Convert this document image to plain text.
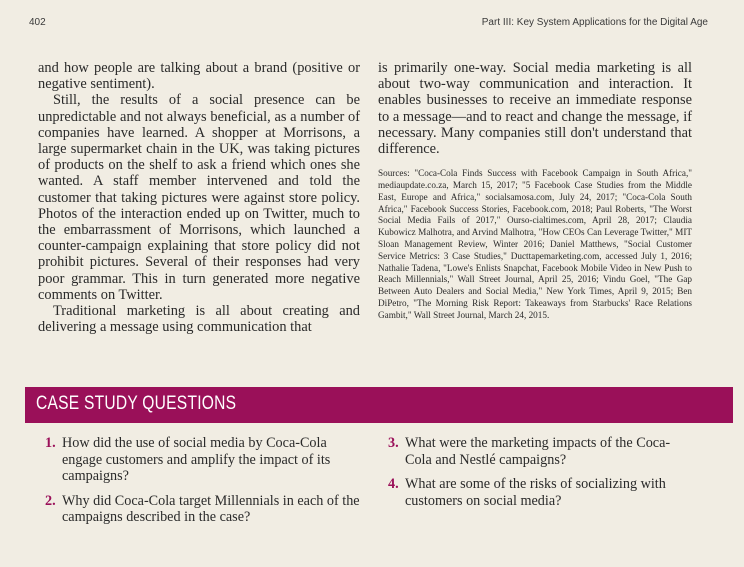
402	Part III: Key System Applications for the Digital Age

and how people are talking about a brand (positive or negative sentiment).

Still, the results of a social presence can be unpredictable and not always beneficial, as a number of companies have learned. A shopper at Morrisons, a large supermarket chain in the UK, was taking pictures of products on the shelf to ask a friend which ones she wanted. A staff member intervened and told the customer that taking pictures were against store policy. Photos of the interaction ended up on Twitter, much to the embarrassment of Morrisons, which launched a counter-campaign explaining that store policy did not prohibit pictures. Several of their responses had very poor grammar. This in turn generated more negative comments on Twitter.

Traditional marketing is all about creating and delivering a message using communication that

is primarily one-way. Social media marketing is all about two-way communication and interaction. It enables businesses to receive an immediate response to a message—and to react and change the message, if necessary. Many companies still don't understand that difference.

Sources: "Coca-Cola Finds Success with Facebook Campaign in South Africa," mediaupdate.co.za, March 15, 2017; "5 Facebook Case Studies from the Middle East, Europe and Africa," socialsamosa.com, July 24, 2017; "Coca-Cola South Africa," Facebook Success Stories, Facebook.com, 2018; Paul Roberts, "The Worst Social Media Fails of 2017," Ourso-cialtimes.com, April 28, 2017; Claudia Kubowicz Malhotra, and Arvind Malhotra, "How CEOs Can Leverage Twitter," MIT Sloan Management Review, Winter 2016; Daniel Matthews, "Social Customer Service Metrics: 3 Case Studies," Ducttapemarketing.com, accessed July 1, 2016; Nathalie Tadena, "Lowe's Enlists Snapchat, Facebook Mobile Video in New Push to Reach Millennials," Wall Street Journal, April 25, 2016; Vindu Goel, "The Gap Between Auto Dealers and Social Media," New York Times, April 9, 2015; Ben DiPetro, "The Morning Risk Report: Takeaways from Starbucks' Race Relations Gambit," Wall Street Journal, March 24, 2015.

CASE STUDY QUESTIONS
1. How did the use of social media by Coca-Cola engage customers and amplify the impact of its campaigns?
2. Why did Coca-Cola target Millennials in each of the campaigns described in the case?
3. What were the marketing impacts of the Coca-Cola and Nestlé campaigns?
4. What are some of the risks of socializing with customers on social media?
